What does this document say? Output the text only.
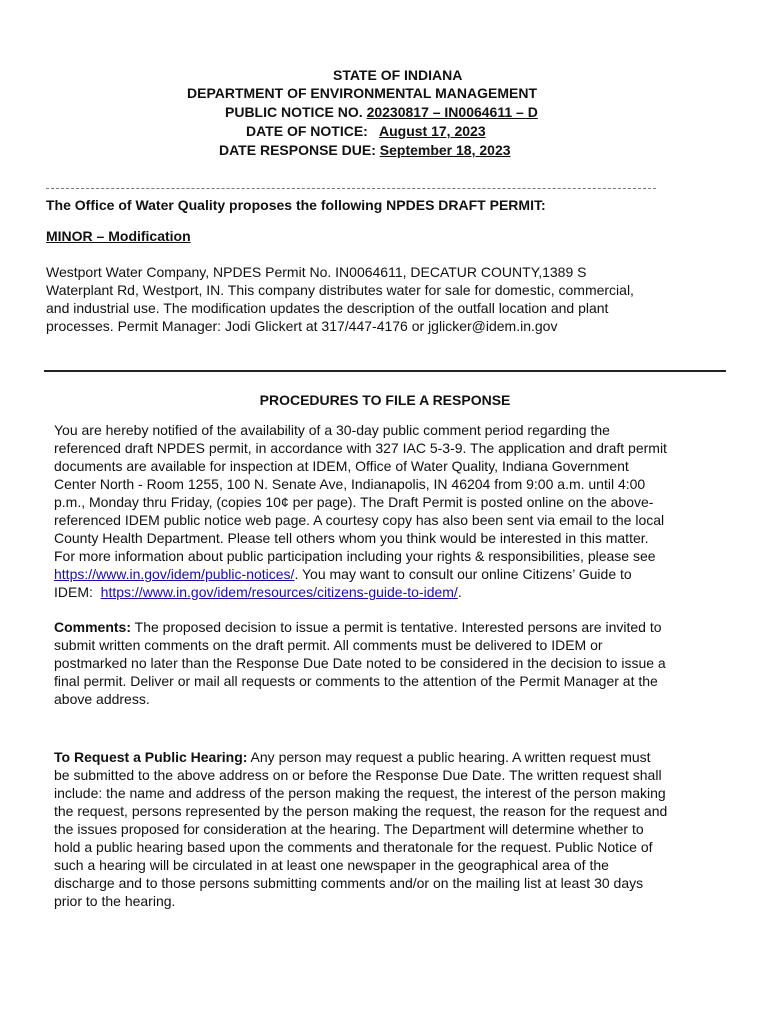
STATE OF INDIANA
DEPARTMENT OF ENVIRONMENTAL MANAGEMENT
PUBLIC NOTICE NO. 20230817 – IN0064611 – D
DATE OF NOTICE: August 17, 2023
DATE RESPONSE DUE: September 18, 2023
The Office of Water Quality proposes the following NPDES DRAFT PERMIT:
MINOR – Modification
Westport Water Company, NPDES Permit No. IN0064611, DECATUR COUNTY,1389 S
Waterplant Rd, Westport, IN. This company distributes water for sale for domestic, commercial,
and industrial use. The modification updates the description of the outfall location and plant
processes. Permit Manager: Jodi Glickert at 317/447-4176 or jglicker@idem.in.gov
PROCEDURES TO FILE A RESPONSE
You are hereby notified of the availability of a 30-day public comment period regarding the
referenced draft NPDES permit, in accordance with 327 IAC 5-3-9. The application and draft permit
documents are available for inspection at IDEM, Office of Water Quality, Indiana Government
Center North - Room 1255, 100 N. Senate Ave, Indianapolis, IN 46204 from 9:00 a.m. until 4:00
p.m., Monday thru Friday, (copies 10¢ per page). The Draft Permit is posted online on the above-
referenced IDEM public notice web page. A courtesy copy has also been sent via email to the local
County Health Department. Please tell others whom you think would be interested in this matter.
For more information about public participation including your rights & responsibilities, please see
https://www.in.gov/idem/public-notices/. You may want to consult our online Citizens’ Guide to
IDEM:  https://www.in.gov/idem/resources/citizens-guide-to-idem/.
Comments: The proposed decision to issue a permit is tentative. Interested persons are invited to
submit written comments on the draft permit. All comments must be delivered to IDEM or
postmarked no later than the Response Due Date noted to be considered in the decision to issue a
final permit. Deliver or mail all requests or comments to the attention of the Permit Manager at the
above address.
To Request a Public Hearing: Any person may request a public hearing. A written request must
be submitted to the above address on or before the Response Due Date. The written request shall
include: the name and address of the person making the request, the interest of the person making
the request, persons represented by the person making the request, the reason for the request and
the issues proposed for consideration at the hearing. The Department will determine whether to
hold a public hearing based upon the comments and theratonale for the request. Public Notice of
such a hearing will be circulated in at least one newspaper in the geographical area of the
discharge and to those persons submitting comments and/or on the mailing list at least 30 days
prior to the hearing.
